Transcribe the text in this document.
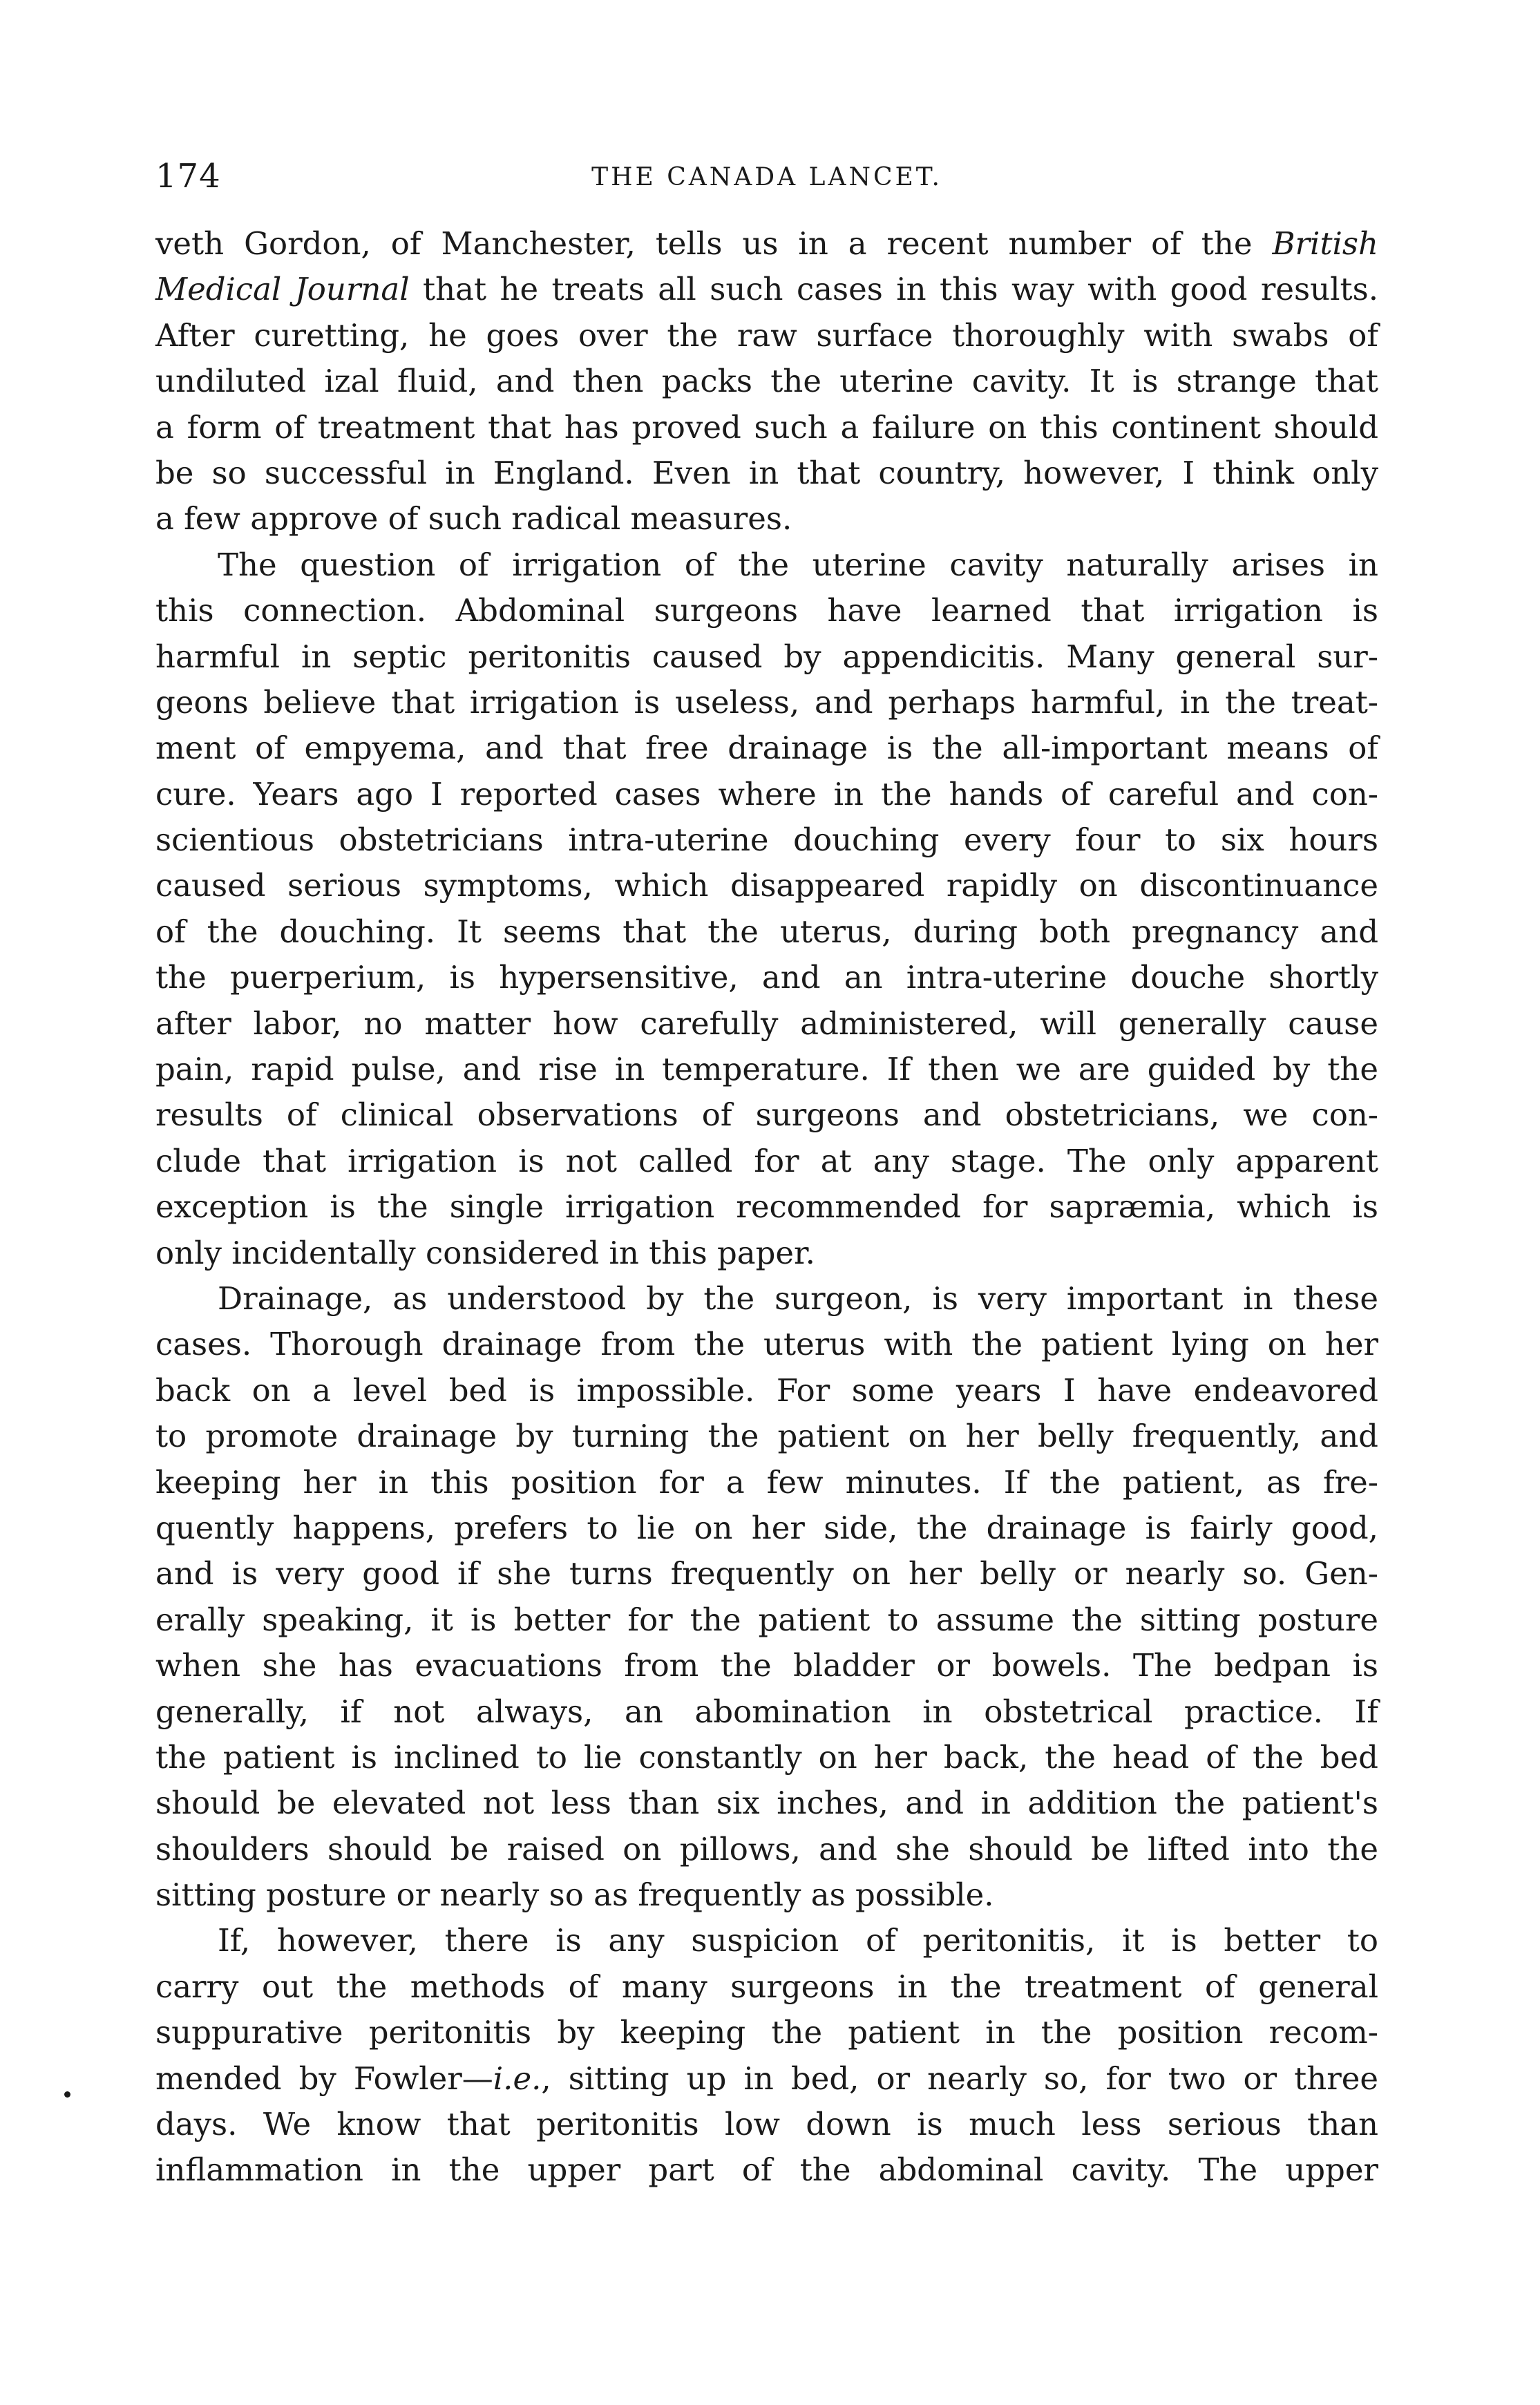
174	THE CANADA LANCET.
veth Gordon, of Manchester, tells us in a recent number of the British
Medical Journal that he treats all such cases in this way with good results.
After curetting, he goes over the raw surface thoroughly with swabs of
undiluted izal fluid, and then packs the uterine cavity. It is strange that
a form of treatment that has proved such a failure on this continent should
be so successful in England. Even in that country, however, I think only
a few approve of such radical measures.
The question of irrigation of the uterine cavity naturally arises in
this connection. Abdominal surgeons have learned that irrigation is
harmful in septic peritonitis caused by appendicitis. Many general sur-
geons believe that irrigation is useless, and perhaps harmful, in the treat-
ment of empyema, and that free drainage is the all-important means of
cure. Years ago I reported cases where in the hands of careful and con-
scientious obstetricians intra-uterine douching every four to six hours
caused serious symptoms, which disappeared rapidly on discontinuance
of the douching. It seems that the uterus, during both pregnancy and
the puerperium, is hypersensitive, and an intra-uterine douche shortly
after labor, no matter how carefully administered, will generally cause
pain, rapid pulse, and rise in temperature. If then we are guided by the
results of clinical observations of surgeons and obstetricians, we con-
clude that irrigation is not called for at any stage. The only apparent
exception is the single irrigation recommended for sapræmia, which is
only incidentally considered in this paper.
Drainage, as understood by the surgeon, is very important in these
cases. Thorough drainage from the uterus with the patient lying on her
back on a level bed is impossible. For some years I have endeavored
to promote drainage by turning the patient on her belly frequently, and
keeping her in this position for a few minutes. If the patient, as fre-
quently happens, prefers to lie on her side, the drainage is fairly good,
and is very good if she turns frequently on her belly or nearly so. Gen-
erally speaking, it is better for the patient to assume the sitting posture
when she has evacuations from the bladder or bowels. The bedpan is
generally, if not always, an abomination in obstetrical practice. If
the patient is inclined to lie constantly on her back, the head of the bed
should be elevated not less than six inches, and in addition the patient's
shoulders should be raised on pillows, and she should be lifted into the
sitting posture or nearly so as frequently as possible.
If, however, there is any suspicion of peritonitis, it is better to
carry out the methods of many surgeons in the treatment of general
suppurative peritonitis by keeping the patient in the position recom-
mended by Fowler—i.e., sitting up in bed, or nearly so, for two or three
days. We know that peritonitis low down is much less serious than
inflammation in the upper part of the abdominal cavity. The upper
